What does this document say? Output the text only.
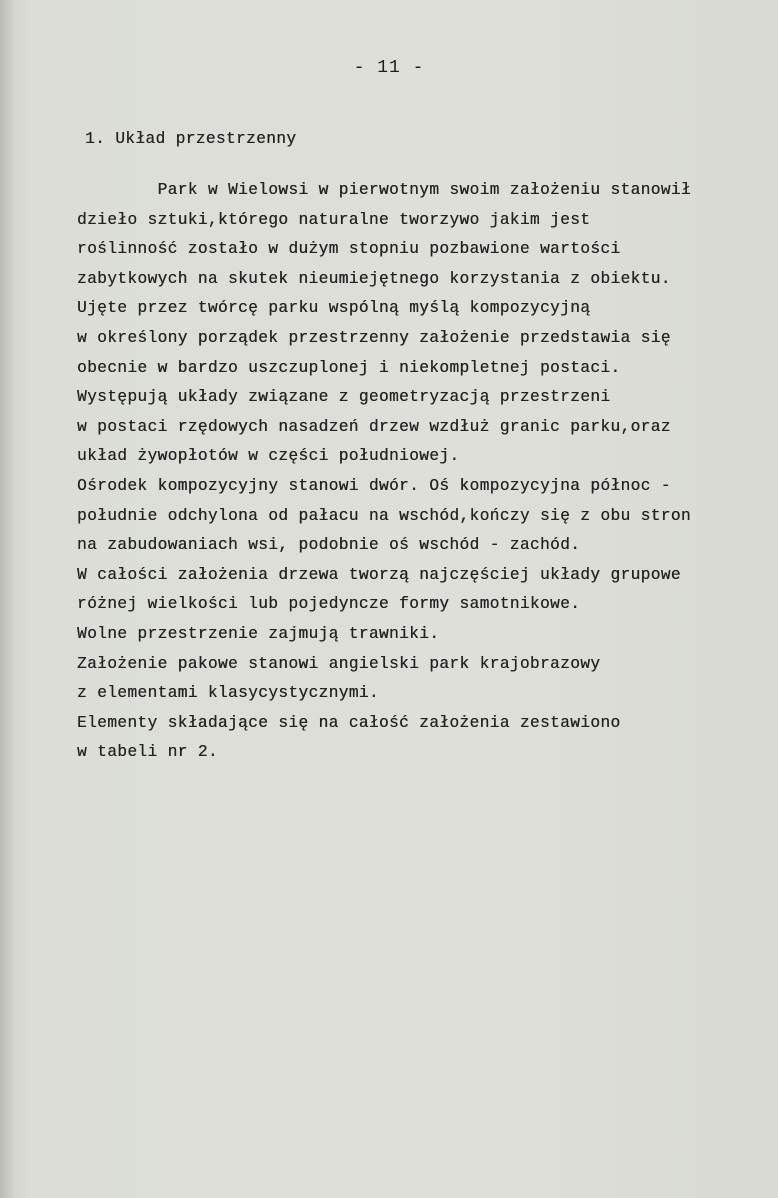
- 11 -
1. Układ przestrzenny
Park w Wielowsi w pierwotnym swoim założeniu stanowił
dzieło sztuki,którego naturalne tworzywo jakim jest
roślinność zostało w dużym stopniu pozbawione wartości
zabytkowych na skutek nieumiejętnego korzystania z obiektu.
Ujęte przez twórcę parku wspólną myślą kompozycyjną
w określony porządek przestrzenny założenie przedstawia się
obecnie w bardzo uszczuplonej i niekompletnej postaci.
Występują układy związane z geometryzacją przestrzeni
w postaci rzędowych nasadzeń drzew wzdłuż granic parku,oraz
układ żywopłotów w części południowej.
Ośrodek kompozycyjny stanowi dwór. Oś kompozycyjna północ -
południe odchylona od pałacu na wschód,kończy się z obu stron
na zabudowaniach wsi, podobnie oś wschód - zachód.
W całości założenia drzewa tworzą najczęściej układy grupowe
różnej wielkości lub pojedyncze formy samotnikowe.
Wolne przestrzenie zajmują trawniki.
Założenie pakowe stanowi angielski park krajobrazowy
z elementami klasycystycznymi.
Elementy składające się na całość założenia zestawiono
w tabeli nr 2.
